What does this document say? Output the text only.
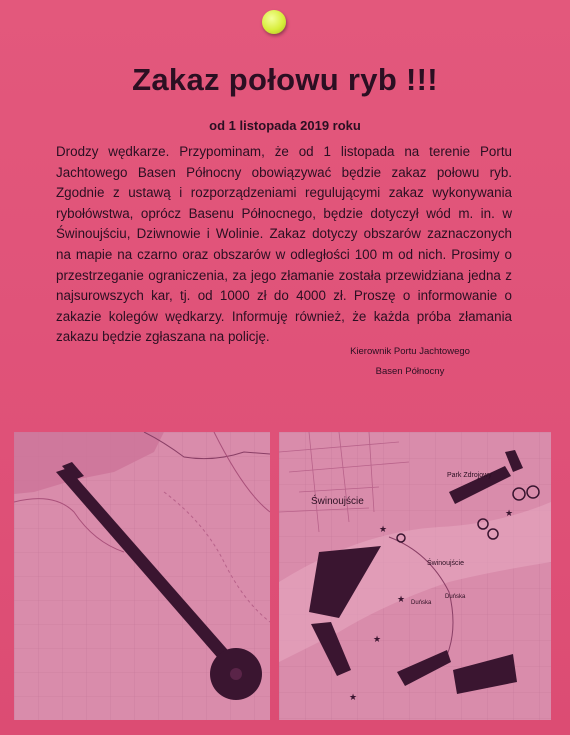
Zakaz połowu ryb !!!
od 1 listopada 2019 roku
Drodzy wędkarze. Przypominam, że od 1 listopada na terenie Portu Jachtowego Basen Północny obowiązywać będzie zakaz połowu ryb. Zgodnie z ustawą i rozporządzeniami regulującymi zakaz wykonywania rybołówstwa, oprócz Basenu Północnego, będzie dotyczył wód m. in. w Świnoujściu, Dziwnowie i Wolinie. Zakaz dotyczy obszarów zaznaczonych na mapie na czarno oraz obszarów w odległości 100 m od nich. Prosimy o przestrzeganie ograniczenia, za jego złamanie została przewidziana jedna z najsurowszych kar, tj. od 1000 zł do 4000 zł. Proszę o informowanie o zakazie kolegów wędkarzy. Informuję również, że każda próba złamania zakazu będzie zgłaszana na policję.
Kierownik Portu Jachtowego
Basen Północny
★
★
★
★
★
Świnoujście
Park Zdrojowy
Świnoujście
Duńska
Duńska
